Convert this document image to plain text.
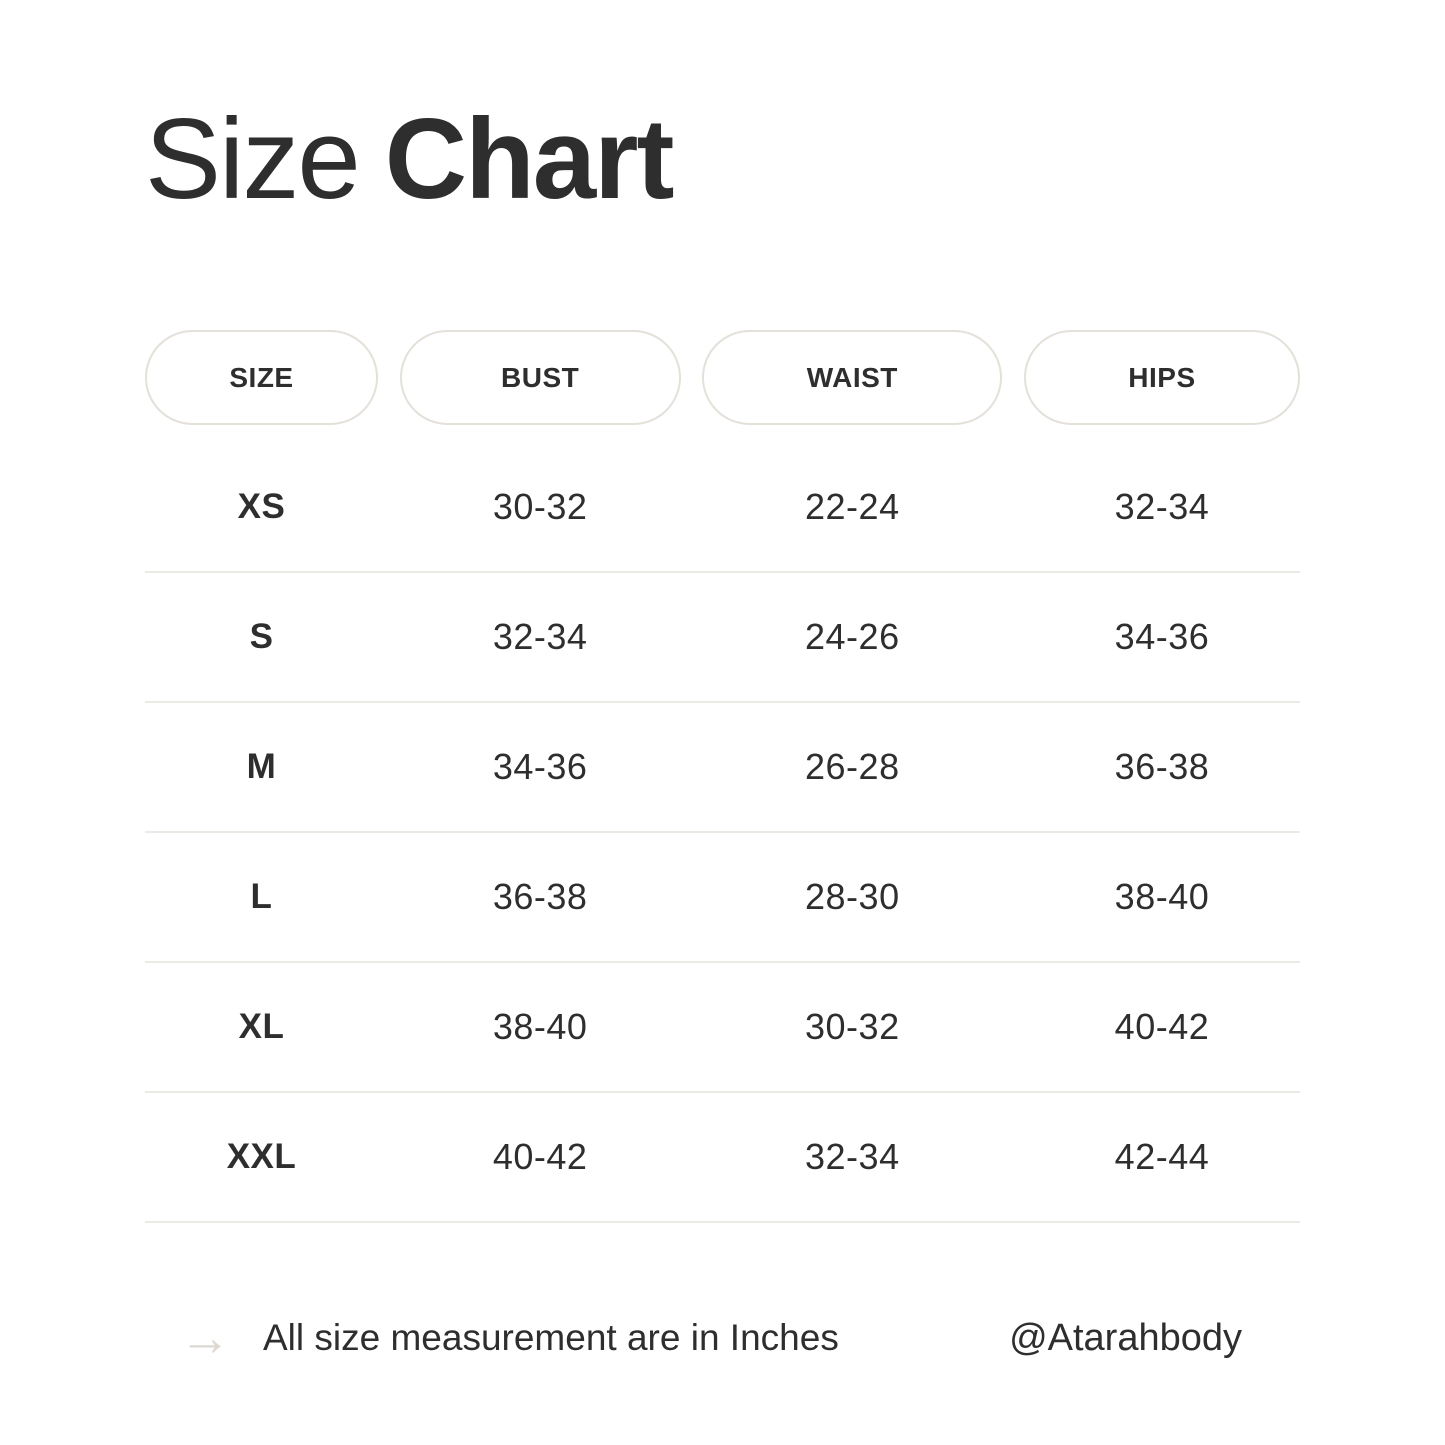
Size Chart
SIZE	BUST	WAIST	HIPS
XS	30-32	22-24	32-34
S	32-34	24-26	34-36
M	34-36	26-28	36-38
L	36-38	28-30	38-40
XL	38-40	30-32	40-42
XXL	40-42	32-34	42-44
→ All size measurement are in Inches	@Atarahbody
